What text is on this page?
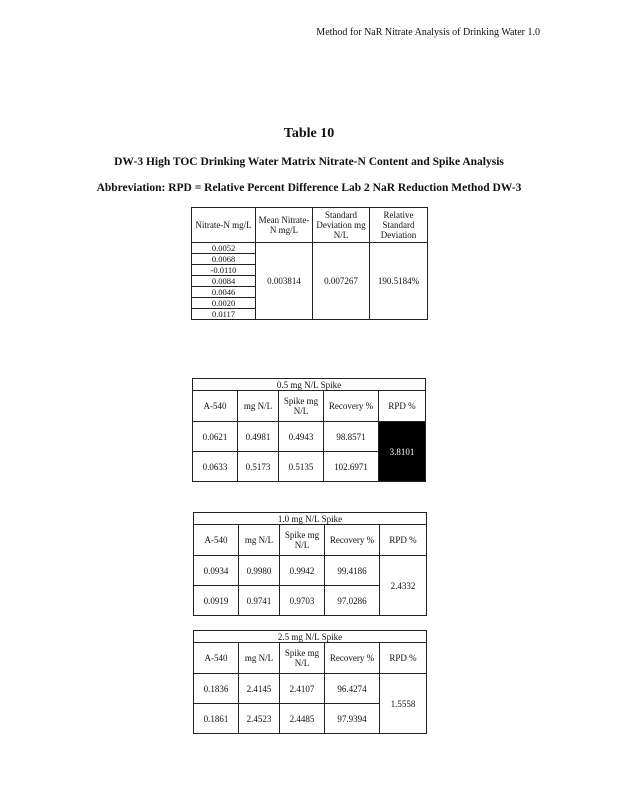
Method for NaR Nitrate Analysis of Drinking Water 1.0
Table 10
DW-3 High TOC Drinking Water Matrix Nitrate-N Content and Spike Analysis
Abbreviation: RPD = Relative Percent Difference Lab 2 NaR Reduction Method DW-3
Nitrate-N mg/L	Mean Nitrate-N mg/L	Standard Deviation mg N/L	Relative Standard Deviation
0.0052	0.003814	0.007267	190.5184%
0.0068			
-0.0110			
0.0084			
0.0046			
0.0020			
0.0117			
0.5 mg N/L Spike				
A-540	mg N/L	Spike mg N/L	Recovery %	RPD %
0.0621	0.4981	0.4943	98.8571	3.8101
0.0633	0.5173	0.5135	102.6971	
1.0 mg N/L Spike				
A-540	mg N/L	Spike mg N/L	Recovery %	RPD %
0.0934	0.9980	0.9942	99.4186	2.4332
0.0919	0.9741	0.9703	97.0286	
2.5 mg N/L Spike				
A-540	mg N/L	Spike mg N/L	Recovery %	RPD %
0.1836	2.4145	2.4107	96.4274	1.5558
0.1861	2.4523	2.4485	97.9394	
